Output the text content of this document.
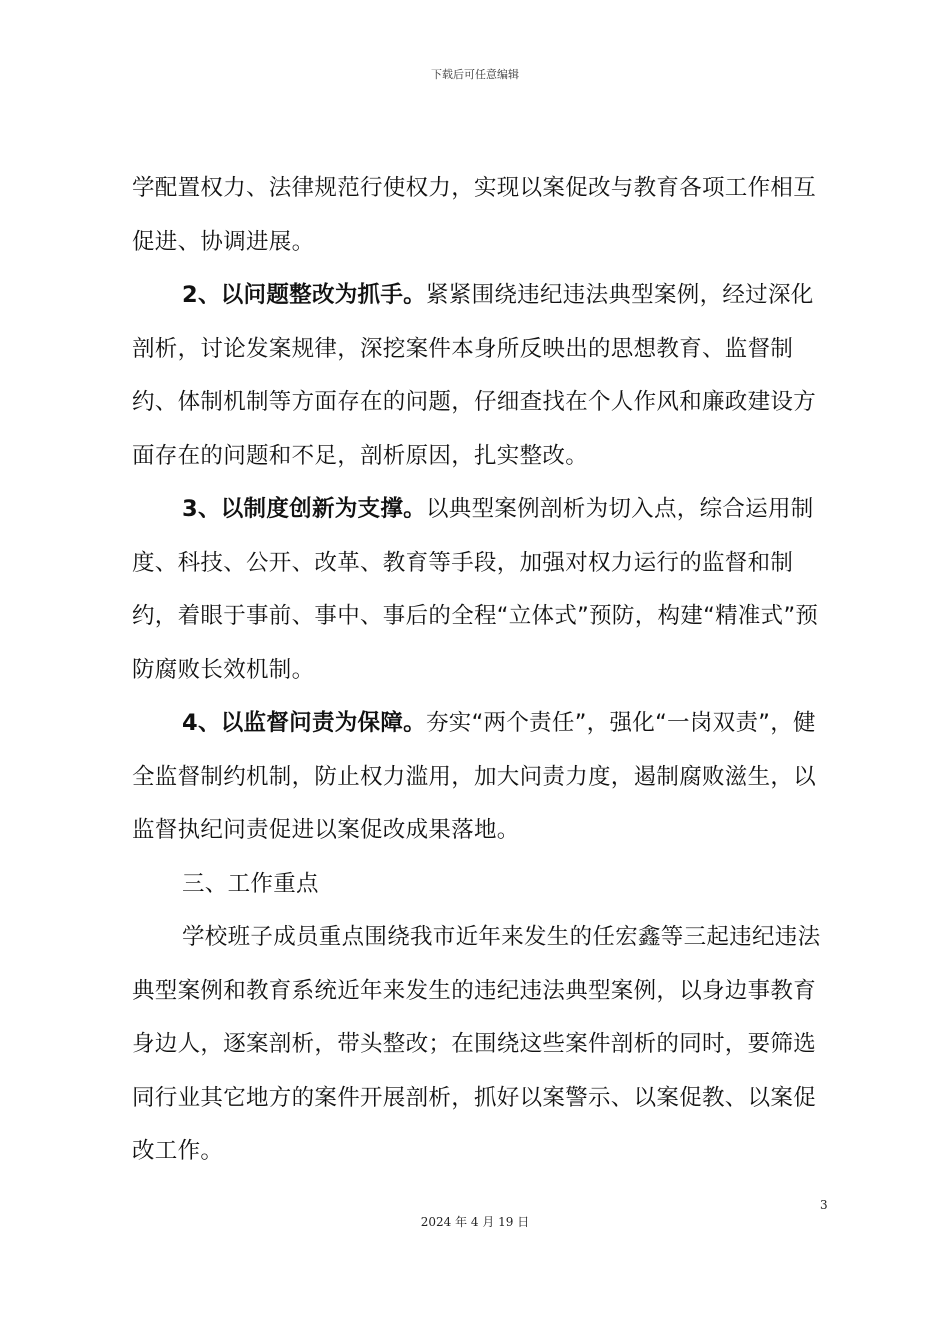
下载后可任意编辑

学配置权力、法律规范行使权力，实现以案促改与教育各项工作相互促进、协调进展。

2、以问题整改为抓手。紧紧围绕违纪违法典型案例，经过深化剖析，讨论发案规律，深挖案件本身所反映出的思想教育、监督制约、体制机制等方面存在的问题，仔细查找在个人作风和廉政建设方面存在的问题和不足，剖析原因，扎实整改。

3、以制度创新为支撑。以典型案例剖析为切入点，综合运用制度、科技、公开、改革、教育等手段，加强对权力运行的监督和制约，着眼于事前、事中、事后的全程“立体式”预防，构建“精准式”预防腐败长效机制。

4、以监督问责为保障。夯实“两个责任”，强化“一岗双责”，健全监督制约机制，防止权力滥用，加大问责力度，遏制腐败滋生，以监督执纪问责促进以案促改成果落地。

三、工作重点

学校班子成员重点围绕我市近年来发生的任宏鑫等三起违纪违法典型案例和教育系统近年来发生的违纪违法典型案例，以身边事教育身边人，逐案剖析，带头整改；在围绕这些案件剖析的同时，要筛选同行业其它地方的案件开展剖析，抓好以案警示、以案促教、以案促改工作。

3
2024 年 4 月 19 日
